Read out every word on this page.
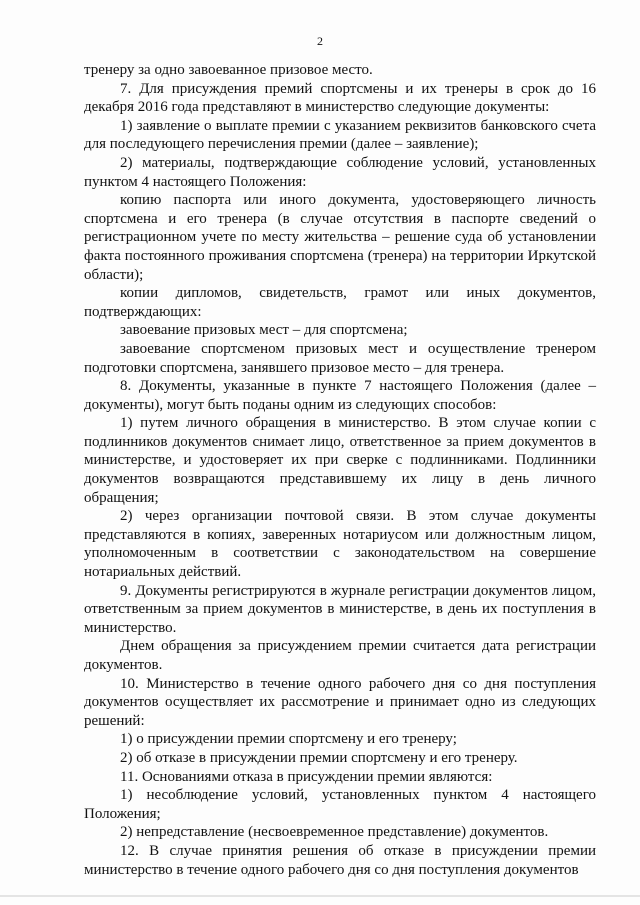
2

тренеру за одно завоеванное призовое место.

7. Для присуждения премий спортсмены и их тренеры в срок до 16 декабря 2016 года представляют в министерство следующие документы:

1) заявление о выплате премии с указанием реквизитов банковского счета для последующего перечисления премии (далее – заявление);

2) материалы, подтверждающие соблюдение условий, установленных пунктом 4 настоящего Положения:

копию паспорта или иного документа, удостоверяющего личность спортсмена и его тренера (в случае отсутствия в паспорте сведений о регистрационном учете по месту жительства – решение суда об установлении факта постоянного проживания спортсмена (тренера) на территории Иркутской области);

копии дипломов, свидетельств, грамот или иных документов, подтверждающих:

завоевание призовых мест – для спортсмена;

завоевание спортсменом призовых мест и осуществление тренером подготовки спортсмена, занявшего призовое место – для тренера.

8. Документы, указанные в пункте 7 настоящего Положения (далее – документы), могут быть поданы одним из следующих способов:

1) путем личного обращения в министерство. В этом случае копии с подлинников документов снимает лицо, ответственное за прием документов в министерстве, и удостоверяет их при сверке с подлинниками. Подлинники документов возвращаются представившему их лицу в день личного обращения;

2) через организации почтовой связи. В этом случае документы представляются в копиях, заверенных нотариусом или должностным лицом, уполномоченным в соответствии с законодательством на совершение нотариальных действий.

9. Документы регистрируются в журнале регистрации документов лицом, ответственным за прием документов в министерстве, в день их поступления в министерство.

Днем обращения за присуждением премии считается дата регистрации документов.

10. Министерство в течение одного рабочего дня со дня поступления документов осуществляет их рассмотрение и принимает одно из следующих решений:

1) о присуждении премии спортсмену и его тренеру;

2) об отказе в присуждении премии спортсмену и его тренеру.

11. Основаниями отказа в присуждении премии являются:

1) несоблюдение условий, установленных пунктом 4 настоящего Положения;

2) непредставление (несвоевременное представление) документов.

12. В случае принятия решения об отказе в присуждении премии министерство в течение одного рабочего дня со дня поступления документов
